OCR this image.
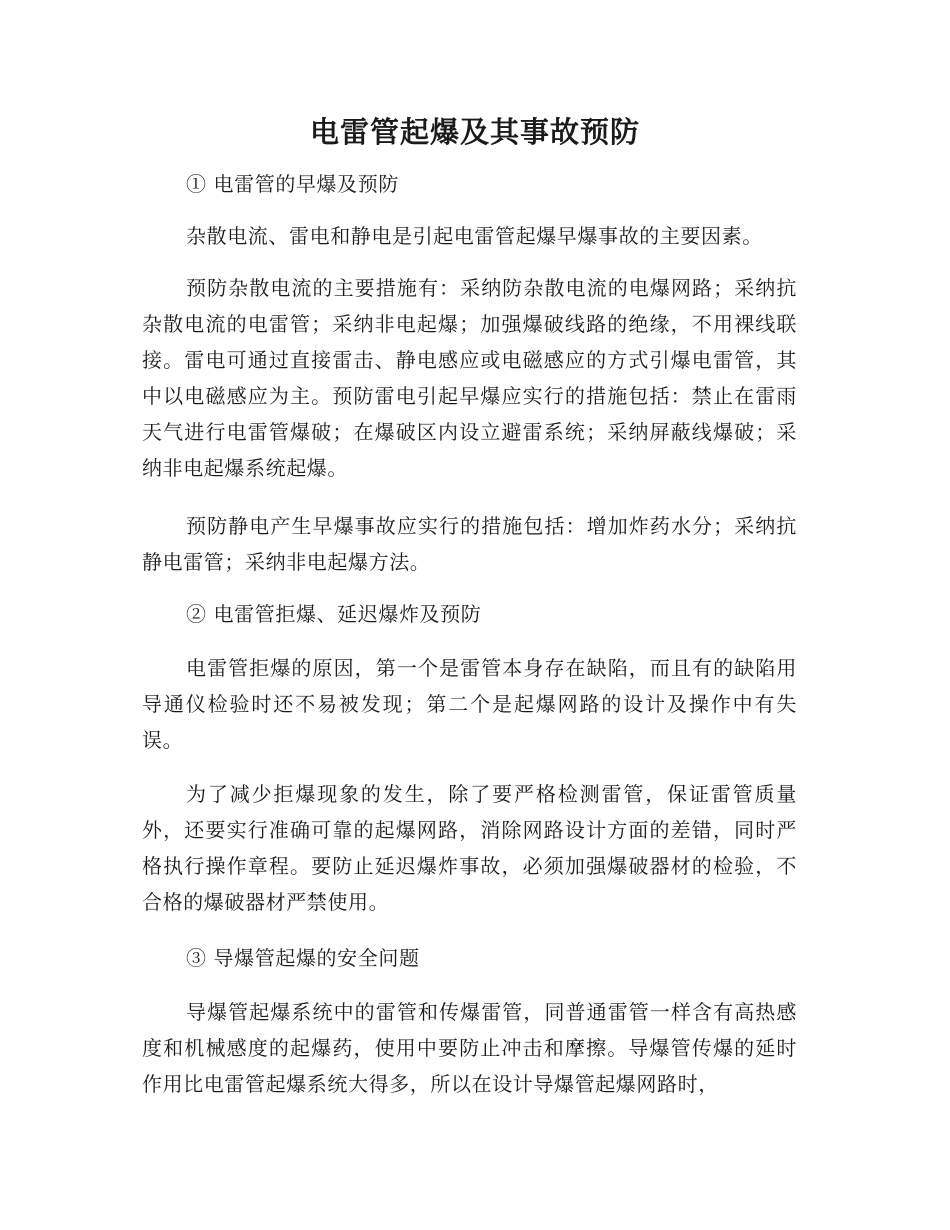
电雷管起爆及其事故预防

① 电雷管的早爆及预防

杂散电流、雷电和静电是引起电雷管起爆早爆事故的主要因素。

预防杂散电流的主要措施有：采纳防杂散电流的电爆网路；采纳抗杂散电流的电雷管；采纳非电起爆；加强爆破线路的绝缘，不用裸线联接。雷电可通过直接雷击、静电感应或电磁感应的方式引爆电雷管，其中以电磁感应为主。预防雷电引起早爆应实行的措施包括：禁止在雷雨天气进行电雷管爆破；在爆破区内设立避雷系统；采纳屏蔽线爆破；采纳非电起爆系统起爆。

预防静电产生早爆事故应实行的措施包括：增加炸药水分；采纳抗静电雷管；采纳非电起爆方法。

② 电雷管拒爆、延迟爆炸及预防

电雷管拒爆的原因，第一个是雷管本身存在缺陷，而且有的缺陷用导通仪检验时还不易被发现；第二个是起爆网路的设计及操作中有失误。

为了减少拒爆现象的发生，除了要严格检测雷管，保证雷管质量外，还要实行准确可靠的起爆网路，消除网路设计方面的差错，同时严格执行操作章程。要防止延迟爆炸事故，必须加强爆破器材的检验，不合格的爆破器材严禁使用。

③ 导爆管起爆的安全问题

导爆管起爆系统中的雷管和传爆雷管，同普通雷管一样含有高热感度和机械感度的起爆药，使用中要防止冲击和摩擦。导爆管传爆的延时作用比电雷管起爆系统大得多，所以在设计导爆管起爆网路时，
